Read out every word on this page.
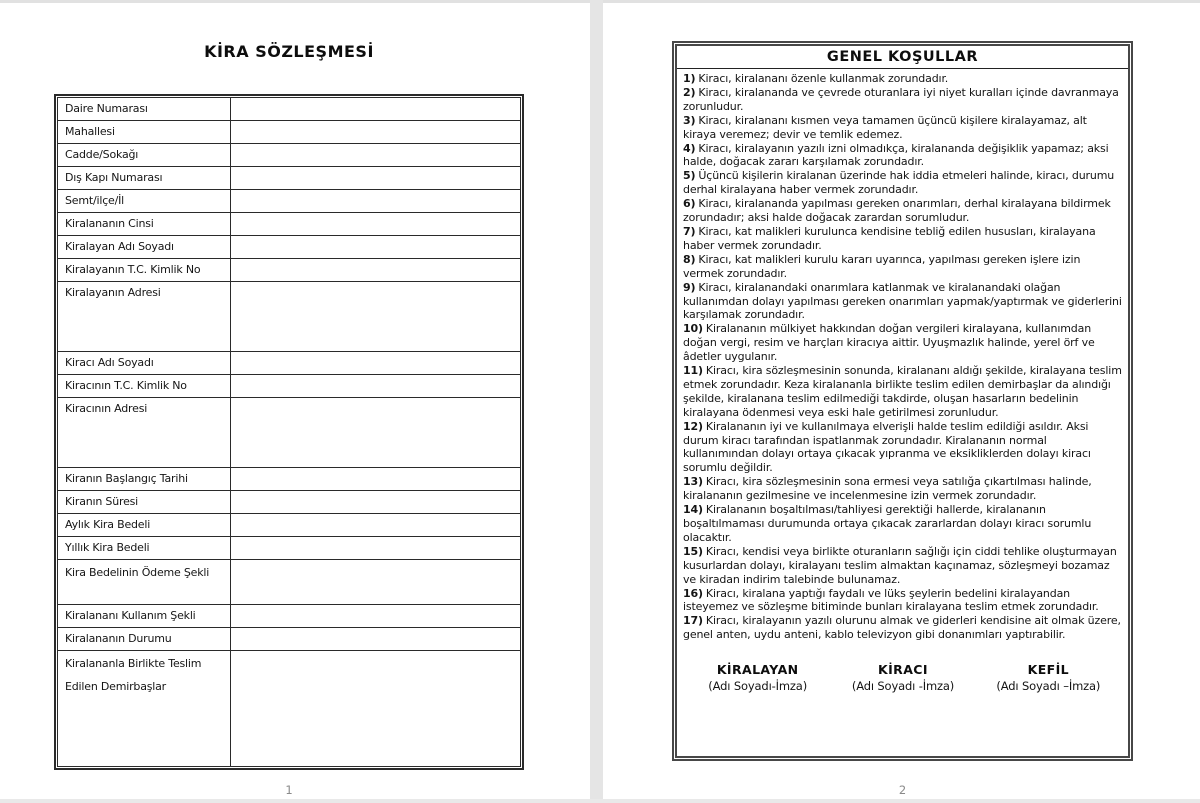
KİRA SÖZLEŞMESİ
Daire Numarası
Mahallesi
Cadde/Sokağı
Dış Kapı Numarası
Semt/ilçe/İl
Kiralananın Cinsi
Kiralayan Adı Soyadı
Kiralayanın T.C. Kimlik No
Kiralayanın Adresi
Kiracı Adı Soyadı
Kiracının T.C. Kimlik No
Kiracının Adresi
Kiranın Başlangıç Tarihi
Kiranın Süresi
Aylık Kira Bedeli
Yıllık Kira Bedeli
Kira Bedelinin Ödeme Şekli
Kiralananı Kullanım Şekli
Kiralananın Durumu
Kiralananla Birlikte Teslim Edilen Demirbaşlar
1
GENEL KOŞULLAR

1) Kiracı, kiralananı özenle kullanmak zorundadır.

2) Kiracı, kiralananda ve çevrede oturanlara iyi niyet kuralları içinde davranmaya zorunludur.

3) Kiracı, kiralananı kısmen veya tamamen üçüncü kişilere kiralayamaz, alt kiraya veremez; devir ve temlik edemez.

4) Kiracı, kiralayanın yazılı izni olmadıkça, kiralananda değişiklik yapamaz; aksi halde, doğacak zararı karşılamak zorundadır.

5) Üçüncü kişilerin kiralanan üzerinde hak iddia etmeleri halinde, kiracı, durumu derhal kiralayana haber vermek zorundadır.

6) Kiracı, kiralananda yapılması gereken onarımları, derhal kiralayana bildirmek zorundadır; aksi halde doğacak zarardan sorumludur.

7) Kiracı, kat malikleri kurulunca kendisine tebliğ edilen hususları, kiralayana haber vermek zorundadır.

8) Kiracı, kat malikleri kurulu kararı uyarınca, yapılması gereken işlere izin vermek zorundadır.

9) Kiracı, kiralanandaki onarımlara katlanmak ve kiralanandaki olağan kullanımdan dolayı yapılması gereken onarımları yapmak/yaptırmak ve giderlerini karşılamak zorundadır.

10) Kiralananın mülkiyet hakkından doğan vergileri kiralayana, kullanımdan doğan vergi, resim ve harçları kiracıya aittir. Uyuşmazlık halinde, yerel örf ve âdetler uygulanır.

11) Kiracı, kira sözleşmesinin sonunda, kiralananı aldığı şekilde, kiralayana teslim etmek zorundadır. Keza kiralananla birlikte teslim edilen demirbaşlar da alındığı şekilde, kiralanana teslim edilmediği takdirde, oluşan hasarların bedelinin kiralayana ödenmesi veya eski hale getirilmesi zorunludur.

12) Kiralananın iyi ve kullanılmaya elverişli halde teslim edildiği asıldır. Aksi durum kiracı tarafından ispatlanmak zorundadır. Kiralananın normal kullanımından dolayı ortaya çıkacak yıpranma ve eksikliklerden dolayı kiracı sorumlu değildir.

13) Kiracı, kira sözleşmesinin sona ermesi veya satılığa çıkartılması halinde, kiralananın gezilmesine ve incelenmesine izin vermek zorundadır.

14) Kiralananın boşaltılması/tahliyesi gerektiği hallerde, kiralananın boşaltılmaması durumunda ortaya çıkacak zararlardan dolayı kiracı sorumlu olacaktır.

15) Kiracı, kendisi veya birlikte oturanların sağlığı için ciddi tehlike oluşturmayan kusurlardan dolayı, kiralayanı teslim almaktan kaçınamaz, sözleşmeyi bozamaz ve kiradan indirim talebinde bulunamaz.

16) Kiracı, kiralana yaptığı faydalı ve lüks şeylerin bedelini kiralayandan isteyemez ve sözleşme bitiminde bunları kiralayana teslim etmek zorundadır.

17) Kiracı, kiralayanın yazılı olurunu almak ve giderleri kendisine ait olmak üzere, genel anten, uydu anteni, kablo televizyon gibi donanımları yaptırabilir.

KİRALAYAN
(Adı Soyadı-İmza)
KİRACI
(Adı Soyadı -İmza)
KEFİL
(Adı Soyadı –İmza)
2
